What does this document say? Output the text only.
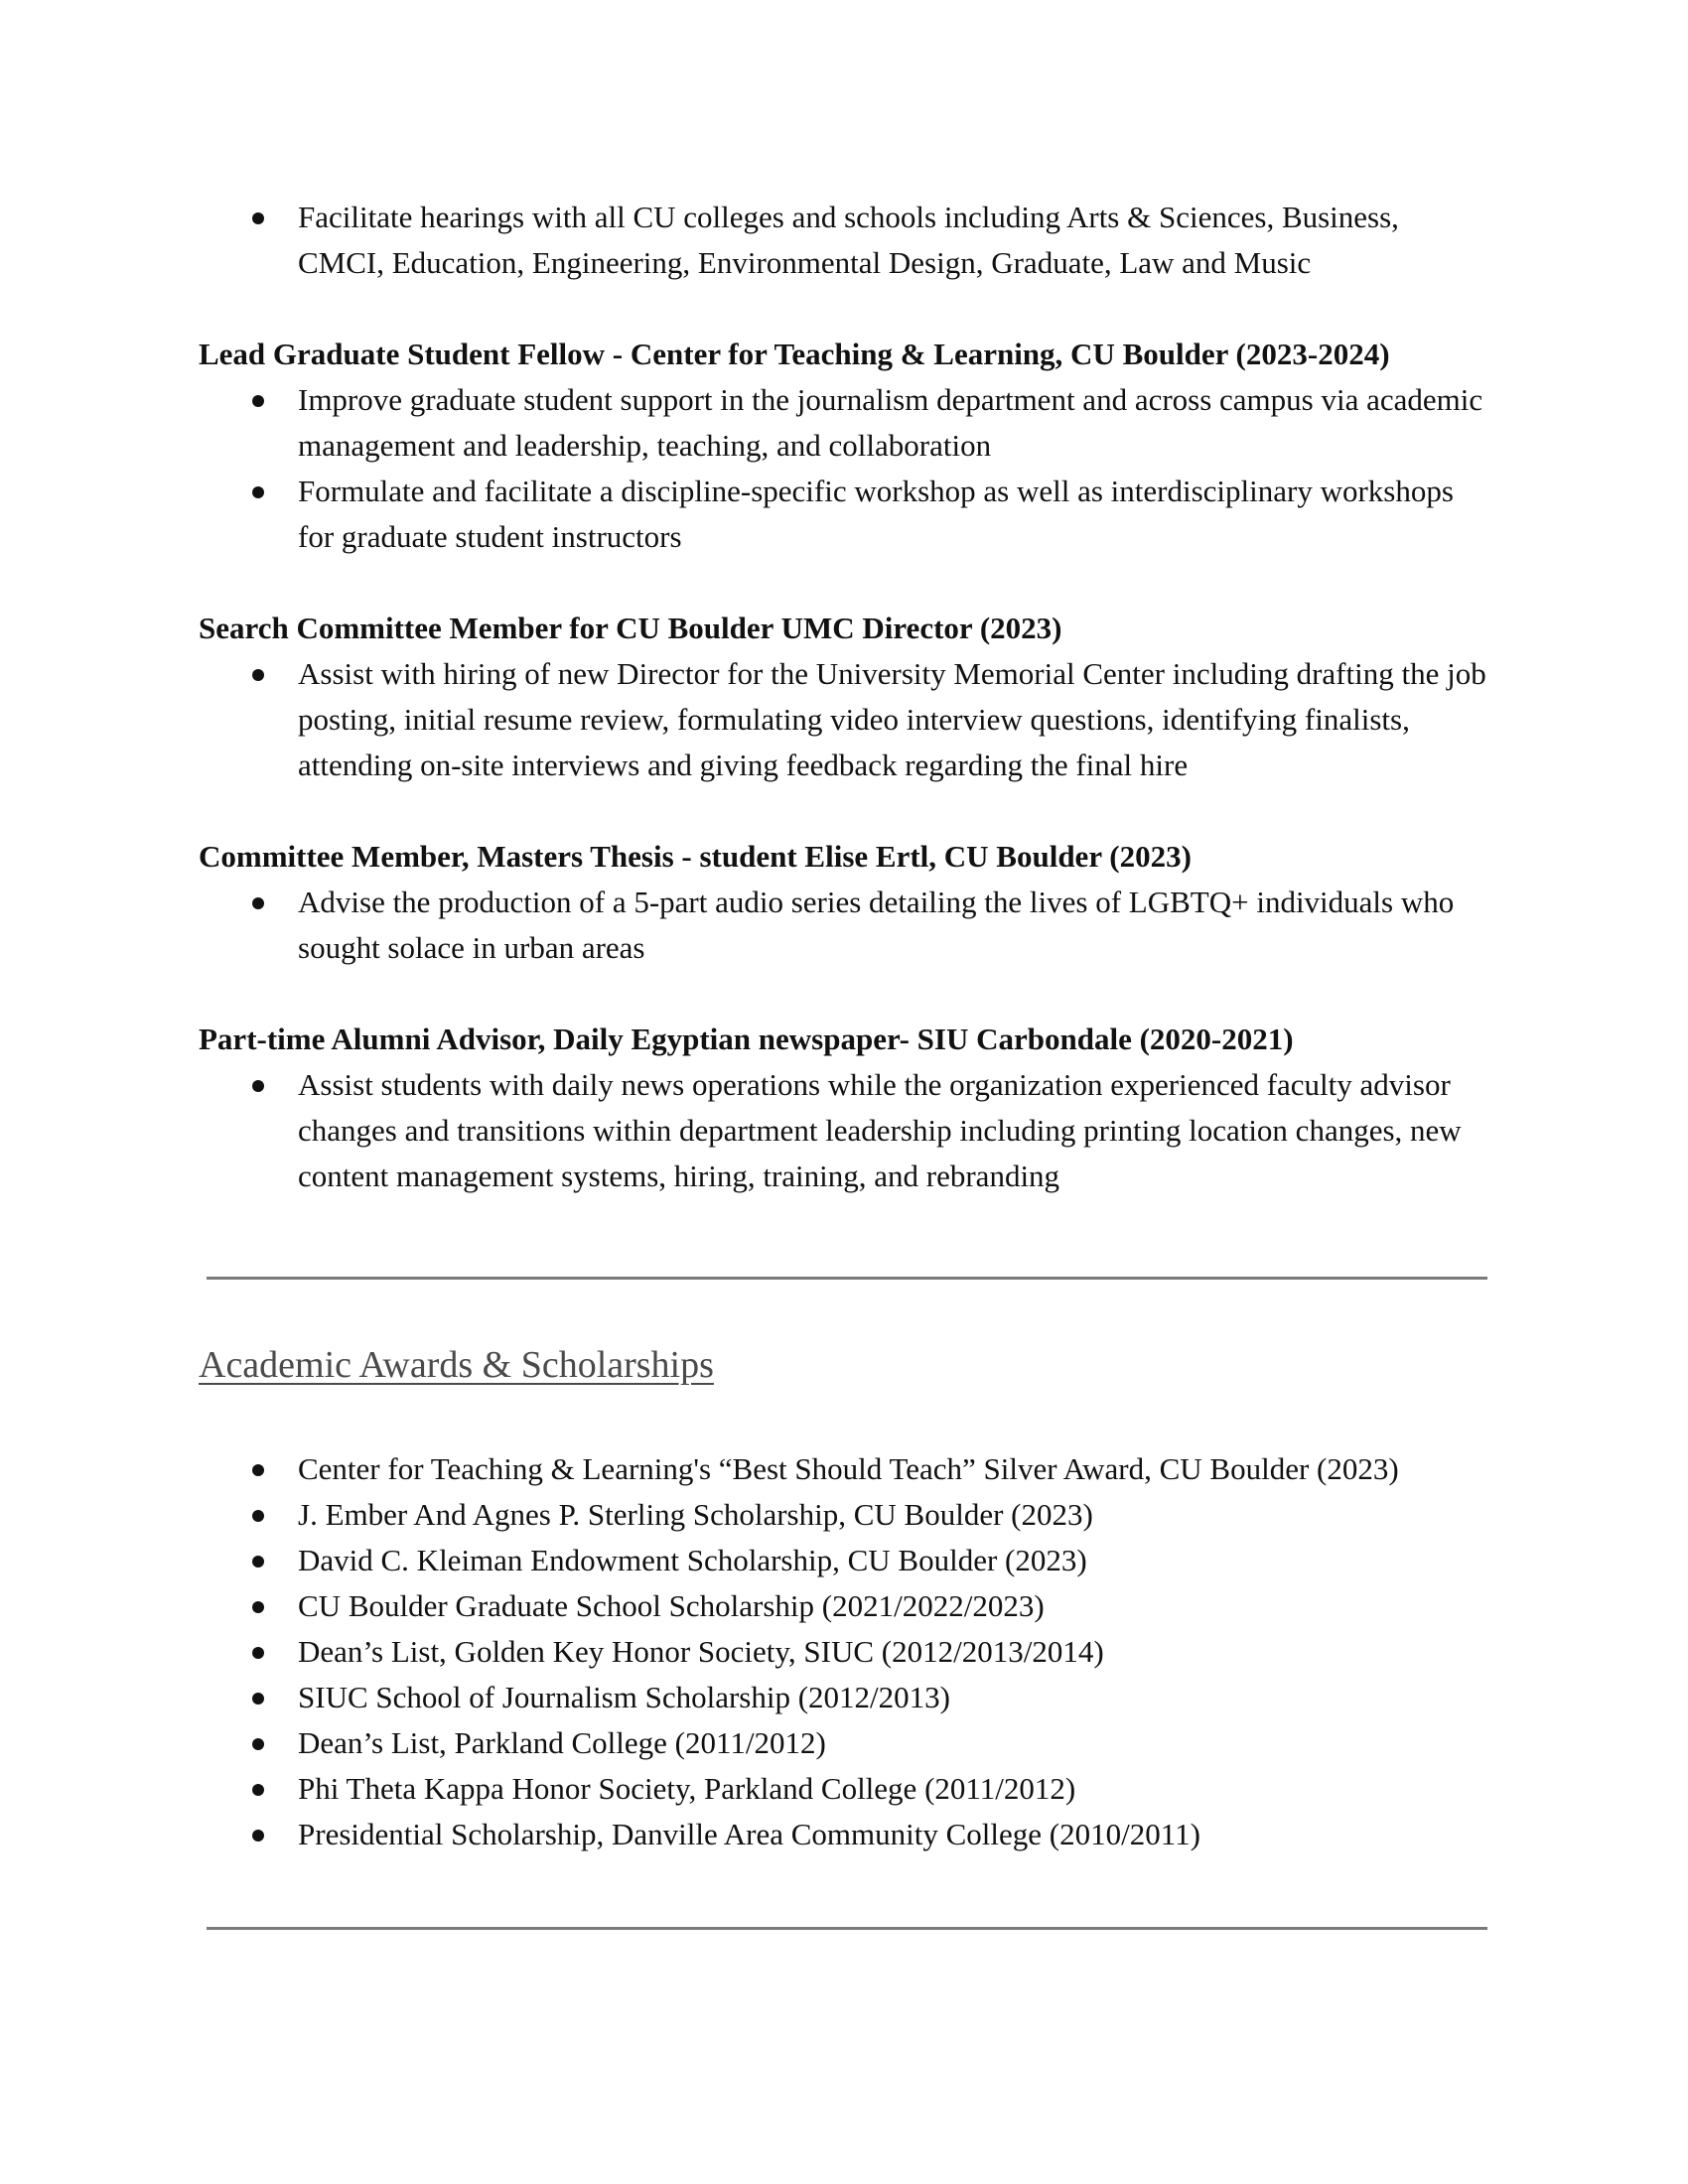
Facilitate hearings with all CU colleges and schools including Arts & Sciences, Business, CMCI, Education, Engineering, Environmental Design, Graduate, Law and Music

Lead Graduate Student Fellow - Center for Teaching & Learning, CU Boulder (2023-2024)

Improve graduate student support in the journalism department and across campus via academic management and leadership, teaching, and collaboration
Formulate and facilitate a discipline-specific workshop as well as interdisciplinary workshops for graduate student instructors

Search Committee Member for CU Boulder UMC Director (2023)

Assist with hiring of new Director for the University Memorial Center including drafting the job posting, initial resume review, formulating video interview questions, identifying finalists, attending on-site interviews and giving feedback regarding the final hire

Committee Member, Masters Thesis - student Elise Ertl, CU Boulder (2023)

Advise the production of a 5-part audio series detailing the lives of LGBTQ+ individuals who sought solace in urban areas

Part-time Alumni Advisor, Daily Egyptian newspaper- SIU Carbondale (2020-2021)

Assist students with daily news operations while the organization experienced faculty advisor changes and transitions within department leadership including printing location changes, new content management systems, hiring, training, and rebranding

Academic Awards & Scholarships

Center for Teaching & Learning's “Best Should Teach” Silver Award, CU Boulder (2023)
J. Ember And Agnes P. Sterling Scholarship, CU Boulder (2023)
David C. Kleiman Endowment Scholarship, CU Boulder (2023)
CU Boulder Graduate School Scholarship (2021/2022/2023)
Dean’s List, Golden Key Honor Society, SIUC (2012/2013/2014)
SIUC School of Journalism Scholarship (2012/2013)
Dean’s List, Parkland College (2011/2012)
Phi Theta Kappa Honor Society, Parkland College (2011/2012)
Presidential Scholarship, Danville Area Community College (2010/2011)
